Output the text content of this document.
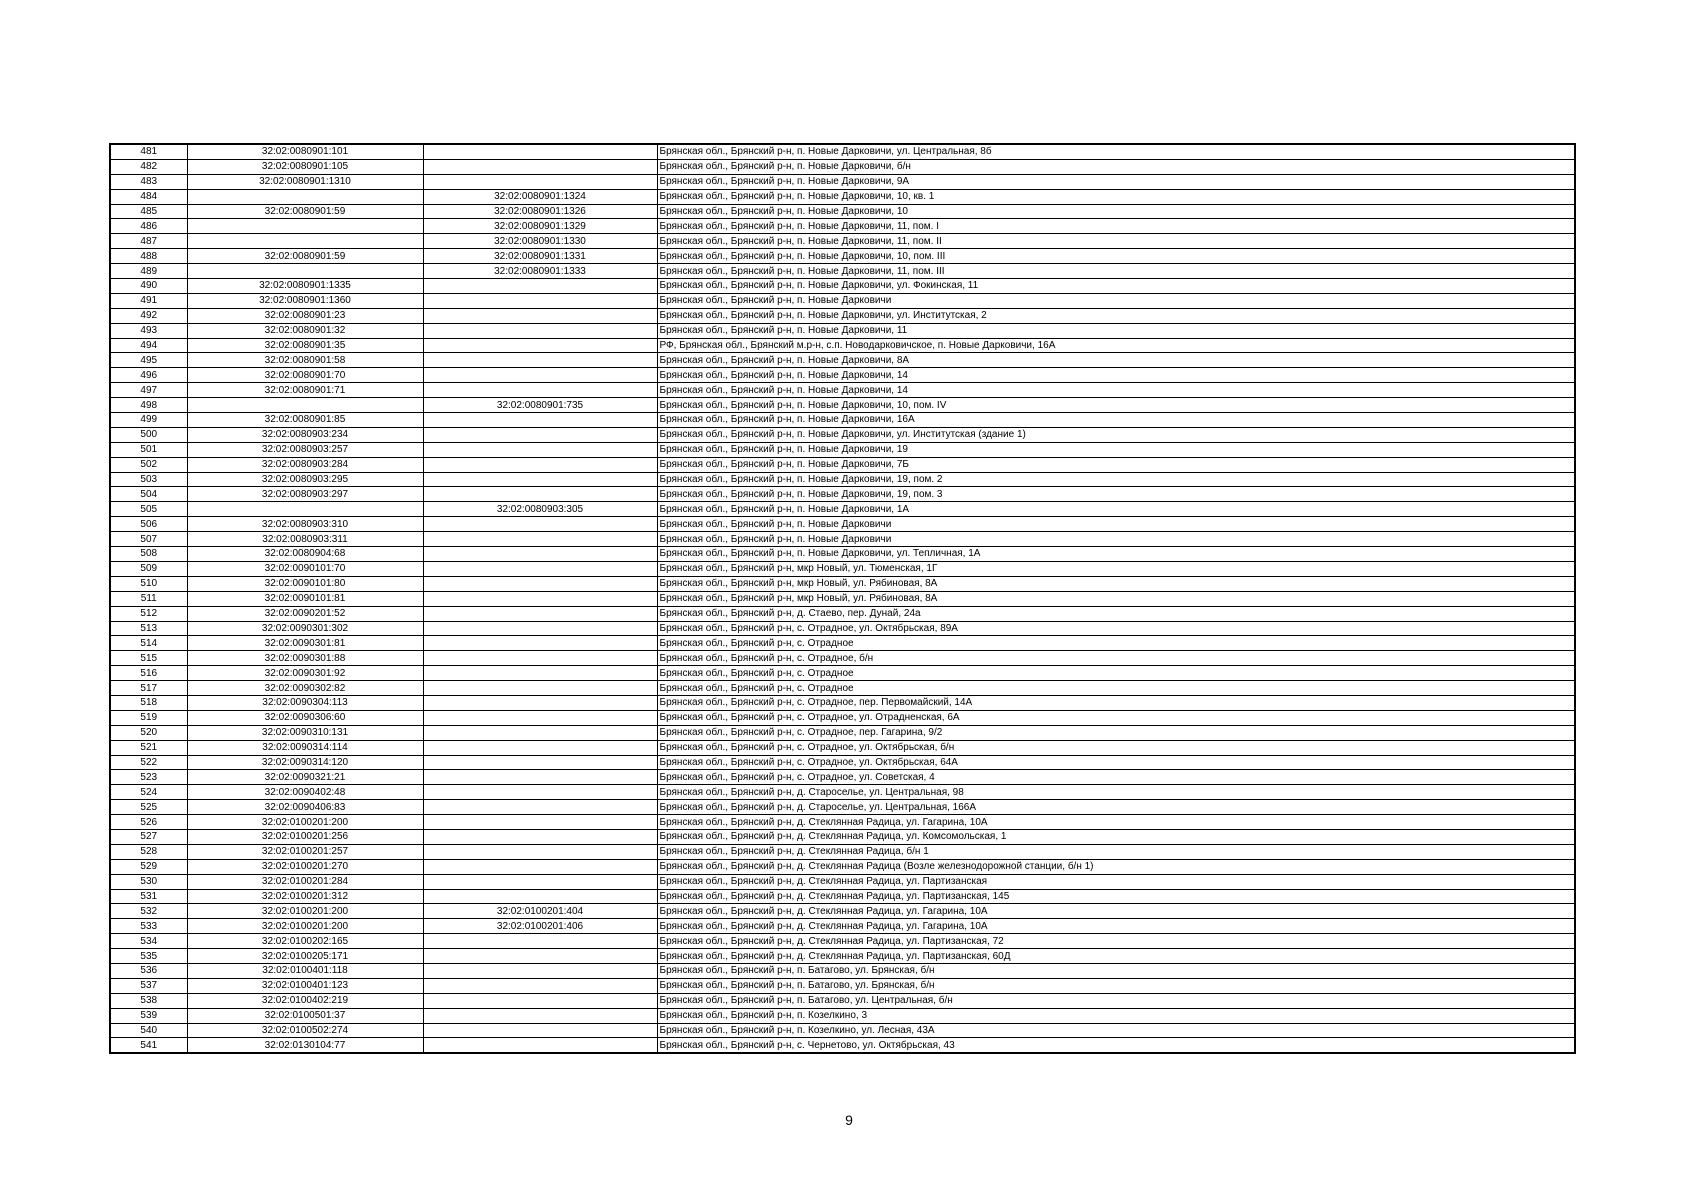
481	32:02:0080901:101		Брянская обл., Брянский р-н, п. Новые Дарковичи, ул. Центральная, 8б
482	32:02:0080901:105		Брянская обл., Брянский р-н, п. Новые Дарковичи, б/н
483	32:02:0080901:1310		Брянская обл., Брянский р-н, п. Новые Дарковичи, 9А
484		32:02:0080901:1324	Брянская обл., Брянский р-н, п. Новые Дарковичи, 10, кв. 1
485	32:02:0080901:59	32:02:0080901:1326	Брянская обл., Брянский р-н, п. Новые Дарковичи, 10
486		32:02:0080901:1329	Брянская обл., Брянский р-н, п. Новые Дарковичи, 11, пом. I
487		32:02:0080901:1330	Брянская обл., Брянский р-н, п. Новые Дарковичи, 11, пом. II
488	32:02:0080901:59	32:02:0080901:1331	Брянская обл., Брянский р-н, п. Новые Дарковичи, 10, пом. III
489		32:02:0080901:1333	Брянская обл., Брянский р-н, п. Новые Дарковичи, 11, пом. III
490	32:02:0080901:1335		Брянская обл., Брянский р-н, п. Новые Дарковичи, ул. Фокинская, 11
491	32:02:0080901:1360		Брянская обл., Брянский р-н, п. Новые Дарковичи
492	32:02:0080901:23		Брянская обл., Брянский р-н, п. Новые Дарковичи, ул. Институтская, 2
493	32:02:0080901:32		Брянская обл., Брянский р-н, п. Новые Дарковичи, 11
494	32:02:0080901:35		РФ, Брянская обл., Брянский м.р-н, с.п. Новодарковичское, п. Новые Дарковичи, 16А
495	32:02:0080901:58		Брянская обл., Брянский р-н, п. Новые Дарковичи, 8А
496	32:02:0080901:70		Брянская обл., Брянский р-н, п. Новые Дарковичи, 14
497	32:02:0080901:71		Брянская обл., Брянский р-н, п. Новые Дарковичи, 14
498		32:02:0080901:735	Брянская обл., Брянский р-н, п. Новые Дарковичи, 10, пом. IV
499	32:02:0080901:85		Брянская обл., Брянский р-н, п. Новые Дарковичи, 16А
500	32:02:0080903:234		Брянская обл., Брянский р-н, п. Новые Дарковичи, ул. Институтская (здание 1)
501	32:02:0080903:257		Брянская обл., Брянский р-н, п. Новые Дарковичи, 19
502	32:02:0080903:284		Брянская обл., Брянский р-н, п. Новые Дарковичи, 7Б
503	32:02:0080903:295		Брянская обл., Брянский р-н, п. Новые Дарковичи, 19, пом. 2
504	32:02:0080903:297		Брянская обл., Брянский р-н, п. Новые Дарковичи, 19, пом. 3
505		32:02:0080903:305	Брянская обл., Брянский р-н, п. Новые Дарковичи, 1А
506	32:02:0080903:310		Брянская обл., Брянский р-н, п. Новые Дарковичи
507	32:02:0080903:311		Брянская обл., Брянский р-н, п. Новые Дарковичи
508	32:02:0080904:68		Брянская обл., Брянский р-н, п. Новые Дарковичи, ул. Тепличная, 1А
509	32:02:0090101:70		Брянская обл., Брянский р-н, мкр Новый, ул. Тюменская, 1Г
510	32:02:0090101:80		Брянская обл., Брянский р-н, мкр Новый, ул. Рябиновая, 8А
511	32:02:0090101:81		Брянская обл., Брянский р-н, мкр Новый, ул. Рябиновая, 8А
512	32:02:0090201:52		Брянская обл., Брянский р-н, д. Стаево, пер. Дунай, 24а
513	32:02:0090301:302		Брянская обл., Брянский р-н, с. Отрадное, ул. Октябрьская, 89А
514	32:02:0090301:81		Брянская обл., Брянский р-н, с. Отрадное
515	32:02:0090301:88		Брянская обл., Брянский р-н, с. Отрадное, б/н
516	32:02:0090301:92		Брянская обл., Брянский р-н, с. Отрадное
517	32:02:0090302:82		Брянская обл., Брянский р-н, с. Отрадное
518	32:02:0090304:113		Брянская обл., Брянский р-н, с. Отрадное, пер. Первомайский, 14А
519	32:02:0090306:60		Брянская обл., Брянский р-н, с. Отрадное, ул. Отрадненская, 6А
520	32:02:0090310:131		Брянская обл., Брянский р-н, с. Отрадное, пер. Гагарина, 9/2
521	32:02:0090314:114		Брянская обл., Брянский р-н, с. Отрадное, ул. Октябрьская, б/н
522	32:02:0090314:120		Брянская обл., Брянский р-н, с. Отрадное, ул. Октябрьская, 64А
523	32:02:0090321:21		Брянская обл., Брянский р-н, с. Отрадное, ул. Советская, 4
524	32:02:0090402:48		Брянская обл., Брянский р-н, д. Староселье, ул. Центральная, 98
525	32:02:0090406:83		Брянская обл., Брянский р-н, д. Староселье, ул. Центральная, 166А
526	32:02:0100201:200		Брянская обл., Брянский р-н, д. Стеклянная Радица, ул. Гагарина, 10А
527	32:02:0100201:256		Брянская обл., Брянский р-н, д. Стеклянная Радица, ул. Комсомольская, 1
528	32:02:0100201:257		Брянская обл., Брянский р-н, д. Стеклянная Радица, б/н 1
529	32:02:0100201:270		Брянская обл., Брянский р-н, д. Стеклянная Радица (Возле железнодорожной станции, б/н 1)
530	32:02:0100201:284		Брянская обл., Брянский р-н, д. Стеклянная Радица, ул. Партизанская
531	32:02:0100201:312		Брянская обл., Брянский р-н, д. Стеклянная Радица, ул. Партизанская, 145
532	32:02:0100201:200	32:02:0100201:404	Брянская обл., Брянский р-н, д. Стеклянная Радица, ул. Гагарина, 10А
533	32:02:0100201:200	32:02:0100201:406	Брянская обл., Брянский р-н, д. Стеклянная Радица, ул. Гагарина, 10А
534	32:02:0100202:165		Брянская обл., Брянский р-н, д. Стеклянная Радица, ул. Партизанская, 72
535	32:02:0100205:171		Брянская обл., Брянский р-н, д. Стеклянная Радица, ул. Партизанская, 60Д
536	32:02:0100401:118		Брянская обл., Брянский р-н, п. Батагово, ул. Брянская, б/н
537	32:02:0100401:123		Брянская обл., Брянский р-н, п. Батагово, ул. Брянская, б/н
538	32:02:0100402:219		Брянская обл., Брянский р-н, п. Батагово, ул. Центральная, б/н
539	32:02:0100501:37		Брянская обл., Брянский р-н, п. Козелкино, 3
540	32:02:0100502:274		Брянская обл., Брянский р-н, п. Козелкино, ул. Лесная, 43А
541	32:02:0130104:77		Брянская обл., Брянский р-н, с. Чернетово, ул. Октябрьская, 43
9
